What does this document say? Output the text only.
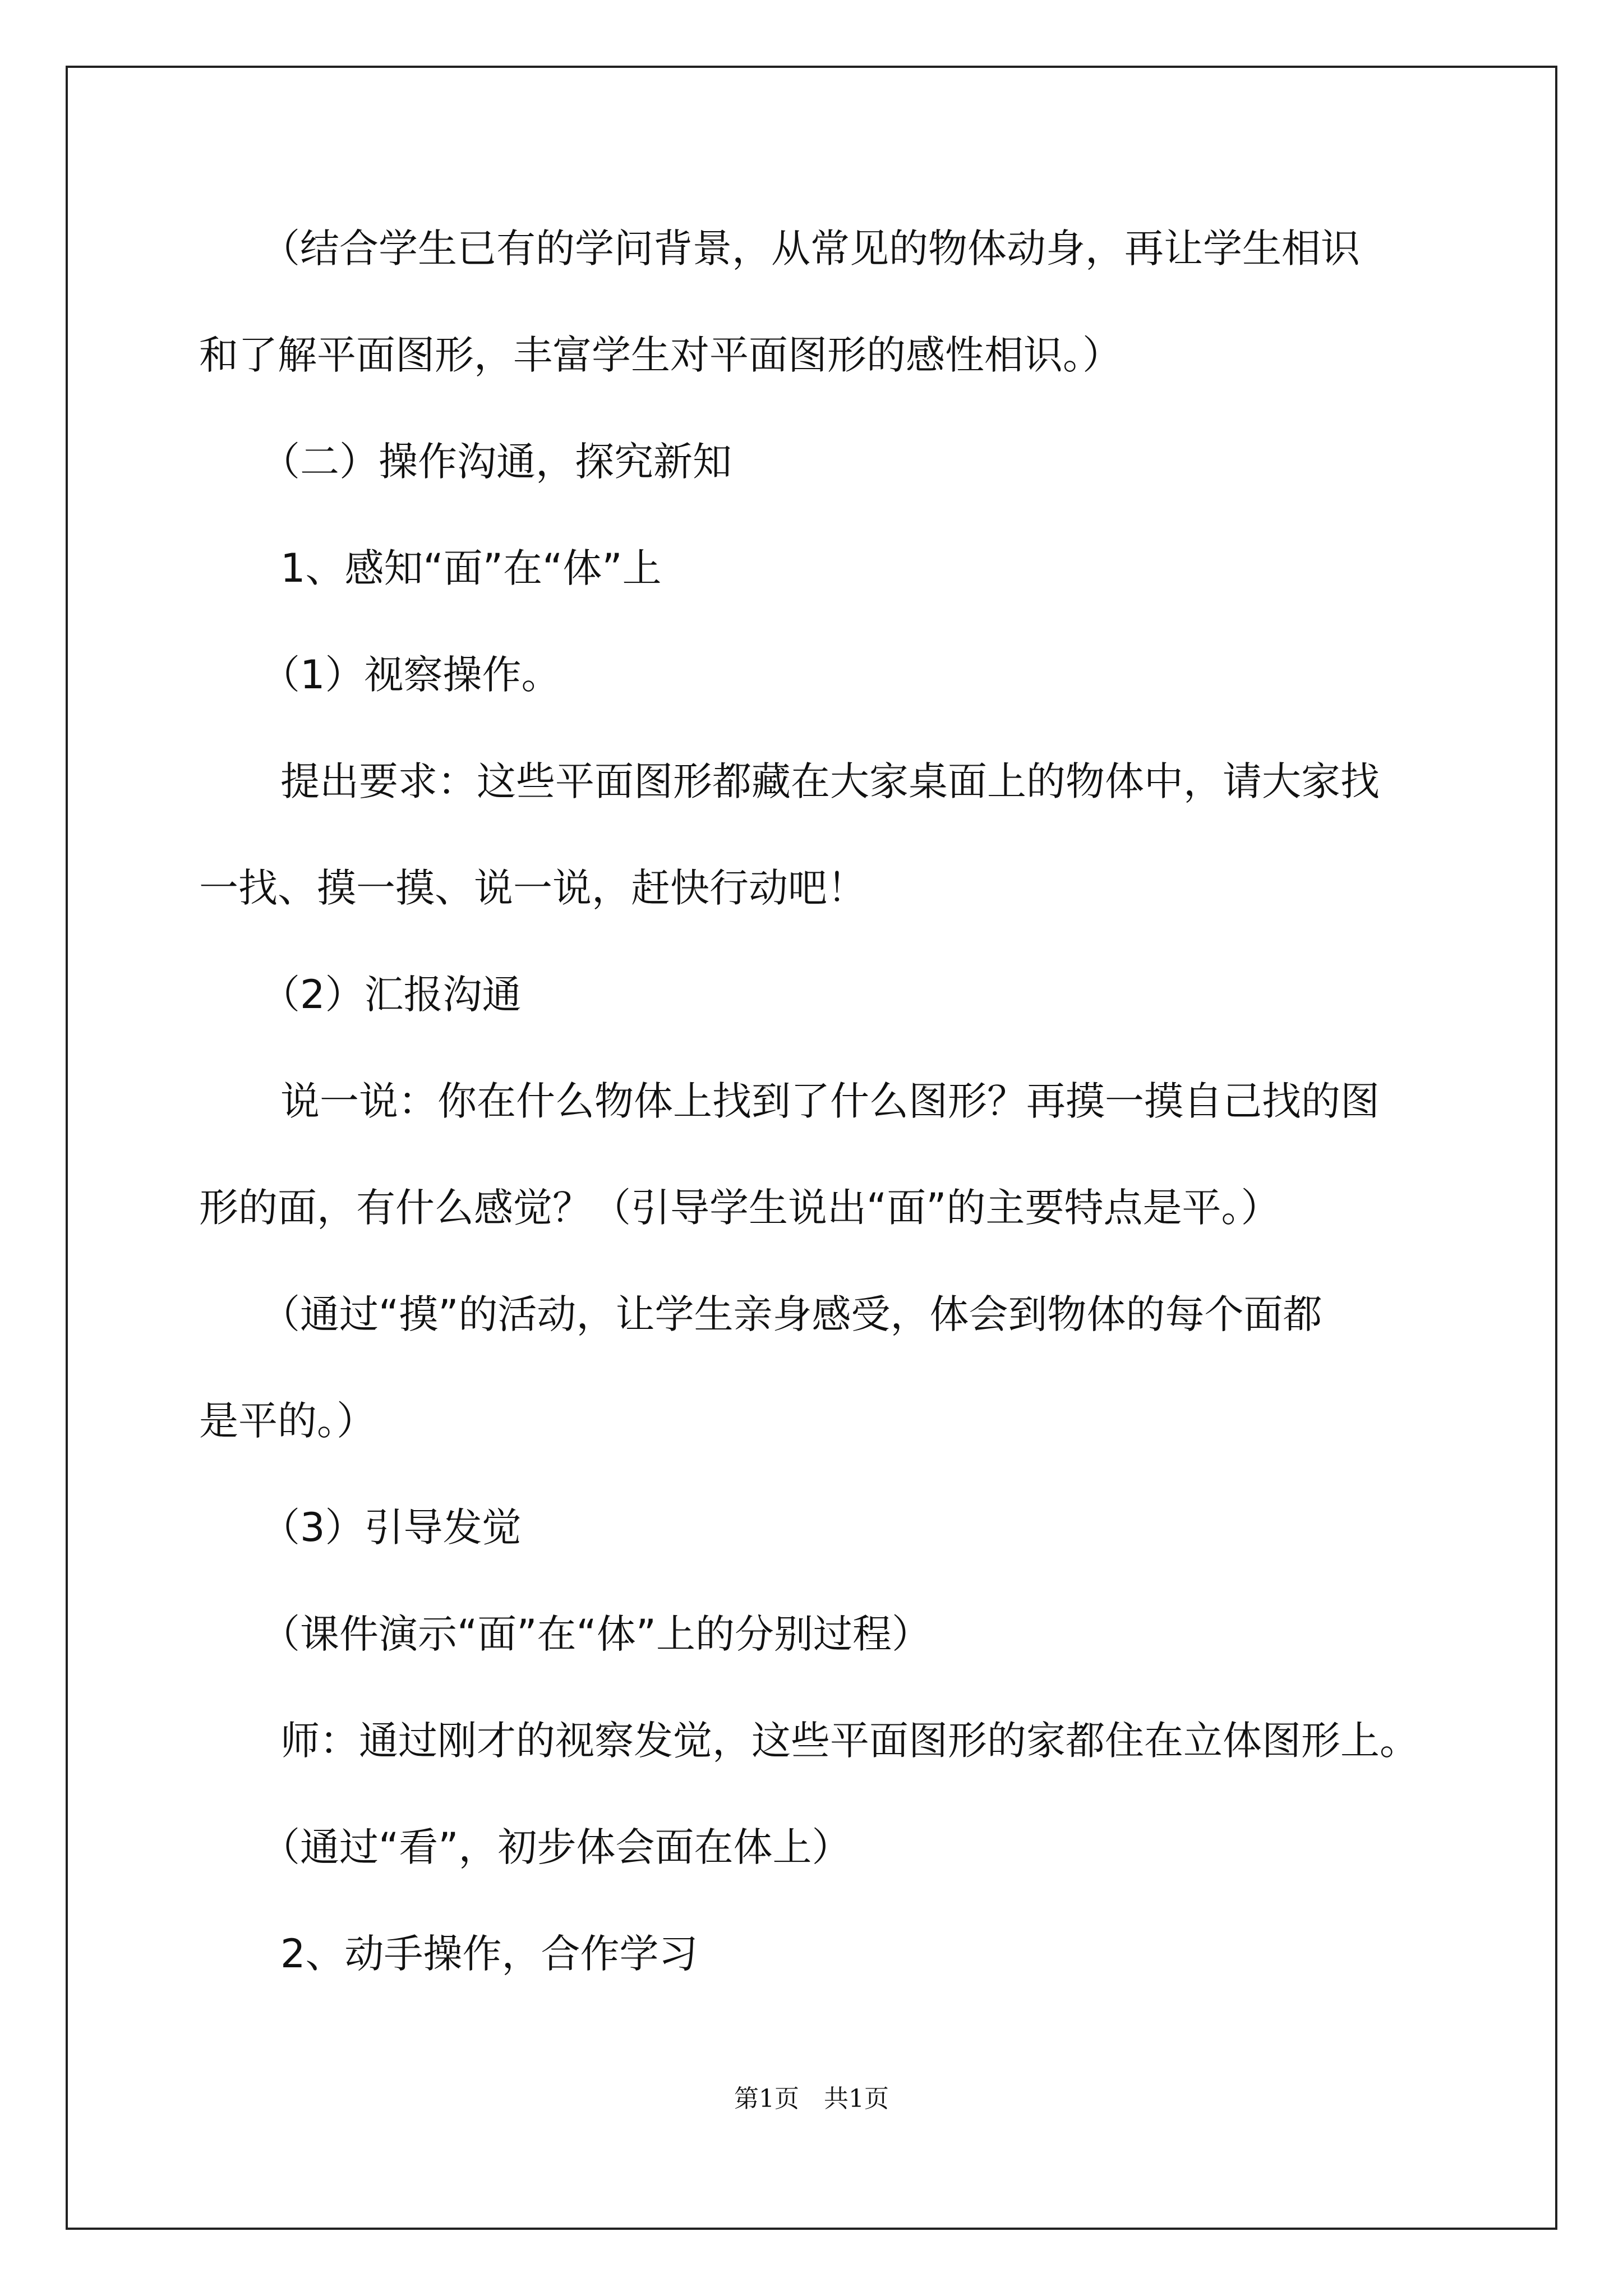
（结合学生已有的学问背景，从常见的物体动身，再让学生相识

和了解平面图形，丰富学生对平面图形的感性相识。）

（二）操作沟通，探究新知

1、感知“面”在“体”上

（1）视察操作。

提出要求：这些平面图形都藏在大家桌面上的物体中，请大家找

一找、摸一摸、说一说，赶快行动吧！

（2）汇报沟通

说一说：你在什么物体上找到了什么图形？再摸一摸自己找的图

形的面，有什么感觉？（引导学生说出“面”的主要特点是平。）

（通过“摸”的活动，让学生亲身感受，体会到物体的每个面都

是平的。）

（3）引导发觉

（课件演示“面”在“体”上的分别过程）

师：通过刚才的视察发觉，这些平面图形的家都住在立体图形上。

（通过“看”，初步体会面在体上）

2、动手操作，合作学习

第1页　共1页
